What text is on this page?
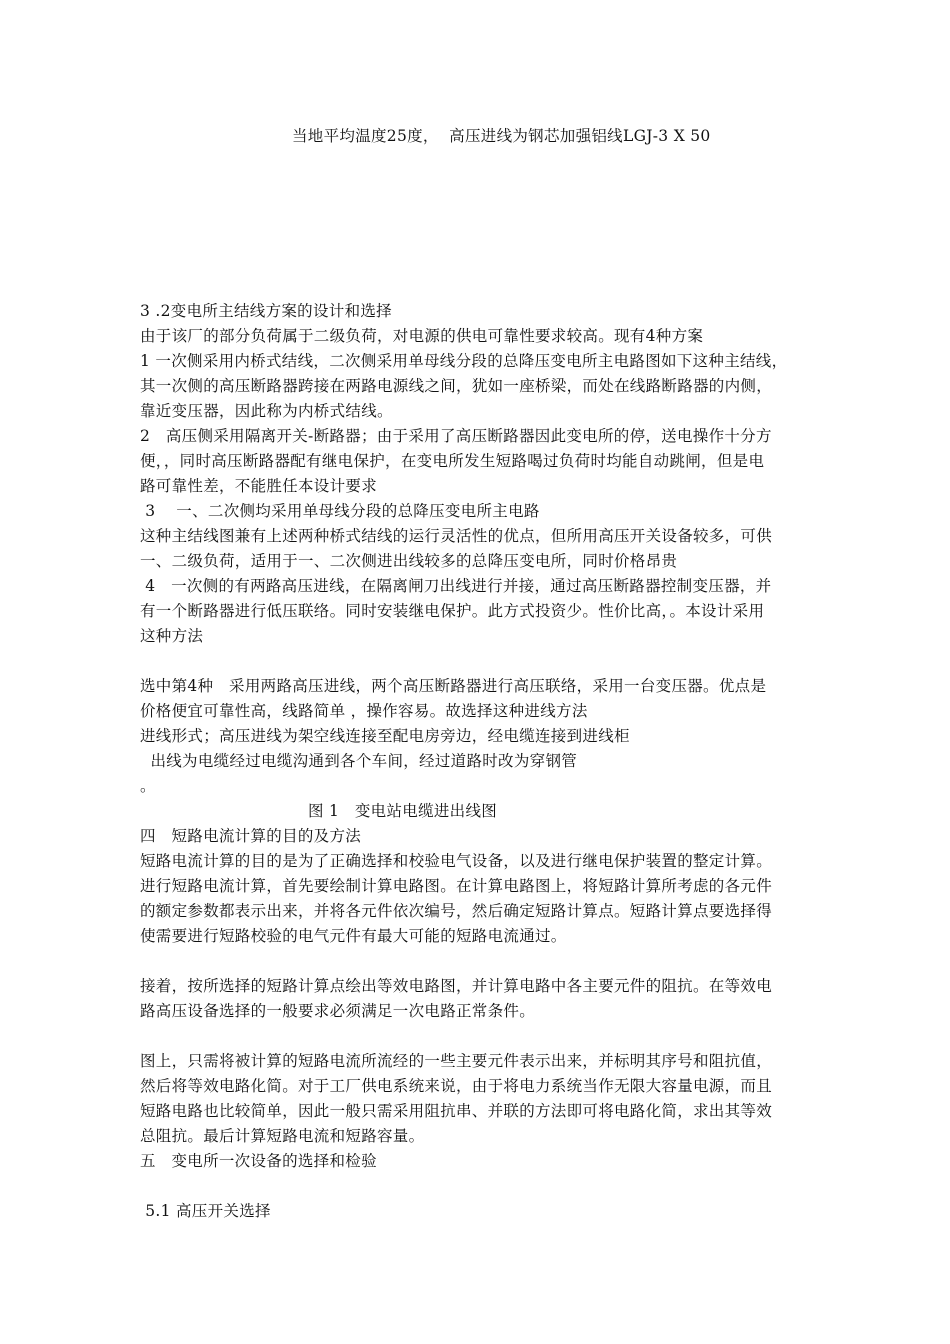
当地平均温度25度，  高压进线为钢芯加强铝线LGJ-3 X 50
3 .2变电所主结线方案的设计和选择
由于该厂的部分负荷属于二级负荷，对电源的供电可靠性要求较高。现有4种方案
1 一次侧采用内桥式结线，二次侧采用单母线分段的总降压变电所主电路图如下这种主结线，
其一次侧的高压断路器跨接在两路电源线之间，犹如一座桥梁，而处在线路断路器的内侧，
靠近变压器，因此称为内桥式结线。
2   高压侧采用隔离开关-断路器；由于采用了高压断路器因此变电所的停，送电操作十分方
便，，同时高压断路器配有继电保护，在变电所发生短路喝过负荷时均能自动跳闸，但是电
路可靠性差，不能胜任本设计要求
3    一、二次侧均采用单母线分段的总降压变电所主电路
这种主结线图兼有上述两种桥式结线的运行灵活性的优点，但所用高压开关设备较多，可供
一、二级负荷，适用于一、二次侧进出线较多的总降压变电所，同时价格昂贵
4   一次侧的有两路高压进线，在隔离闸刀出线进行并接，通过高压断路器控制变压器，并
有一个断路器进行低压联络。同时安装继电保护。此方式投资少。性价比高，。本设计采用
这种方法
选中第4种   采用两路高压进线，两个高压断路器进行高压联络，采用一台变压器。优点是
价格便宜可靠性高，线路简单 ，操作容易。故选择这种进线方法
进线形式；高压进线为架空线连接至配电房旁边，经电缆连接到进线柜
出线为电缆经过电缆沟通到各个车间，经过道路时改为穿钢管
。
图 1   变电站电缆进出线图
四   短路电流计算的目的及方法
短路电流计算的目的是为了正确选择和校验电气设备，以及进行继电保护装置的整定计算。
进行短路电流计算，首先要绘制计算电路图。在计算电路图上，将短路计算所考虑的各元件
的额定参数都表示出来，并将各元件依次编号，然后确定短路计算点。短路计算点要选择得
使需要进行短路校验的电气元件有最大可能的短路电流通过。
接着，按所选择的短路计算点绘出等效电路图，并计算电路中各主要元件的阻抗。在等效电
路高压设备选择的一般要求必须满足一次电路正常条件。
图上，只需将被计算的短路电流所流经的一些主要元件表示出来，并标明其序号和阻抗值，
然后将等效电路化简。对于工厂供电系统来说，由于将电力系统当作无限大容量电源，而且
短路电路也比较简单，因此一般只需采用阻抗串、并联的方法即可将电路化简，求出其等效
总阻抗。最后计算短路电流和短路容量。
五   变电所一次设备的选择和检验
5.1 高压开关选择
